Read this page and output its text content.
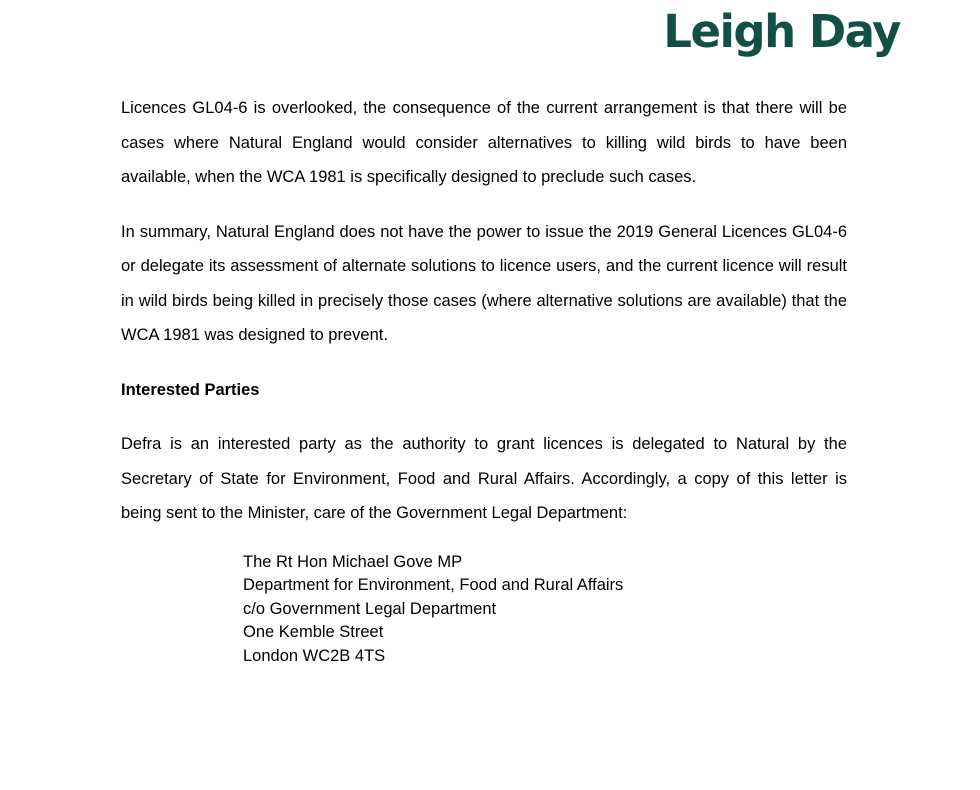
Leigh Day

Licences GL04-6 is overlooked, the consequence of the current arrangement is that there will be cases where Natural England would consider alternatives to killing wild birds to have been available, when the WCA 1981 is specifically designed to preclude such cases.

In summary, Natural England does not have the power to issue the 2019 General Licences GL04-6 or delegate its assessment of alternate solutions to licence users, and the current licence will result in wild birds being killed in precisely those cases (where alternative solutions are available) that the WCA 1981 was designed to prevent.

Interested Parties

Defra is an interested party as the authority to grant licences is delegated to Natural by the Secretary of State for Environment, Food and Rural Affairs. Accordingly, a copy of this letter is being sent to the Minister, care of the Government Legal Department:

The Rt Hon Michael Gove MP
Department for Environment, Food and Rural Affairs
c/o Government Legal Department
One Kemble Street
London WC2B 4TS
